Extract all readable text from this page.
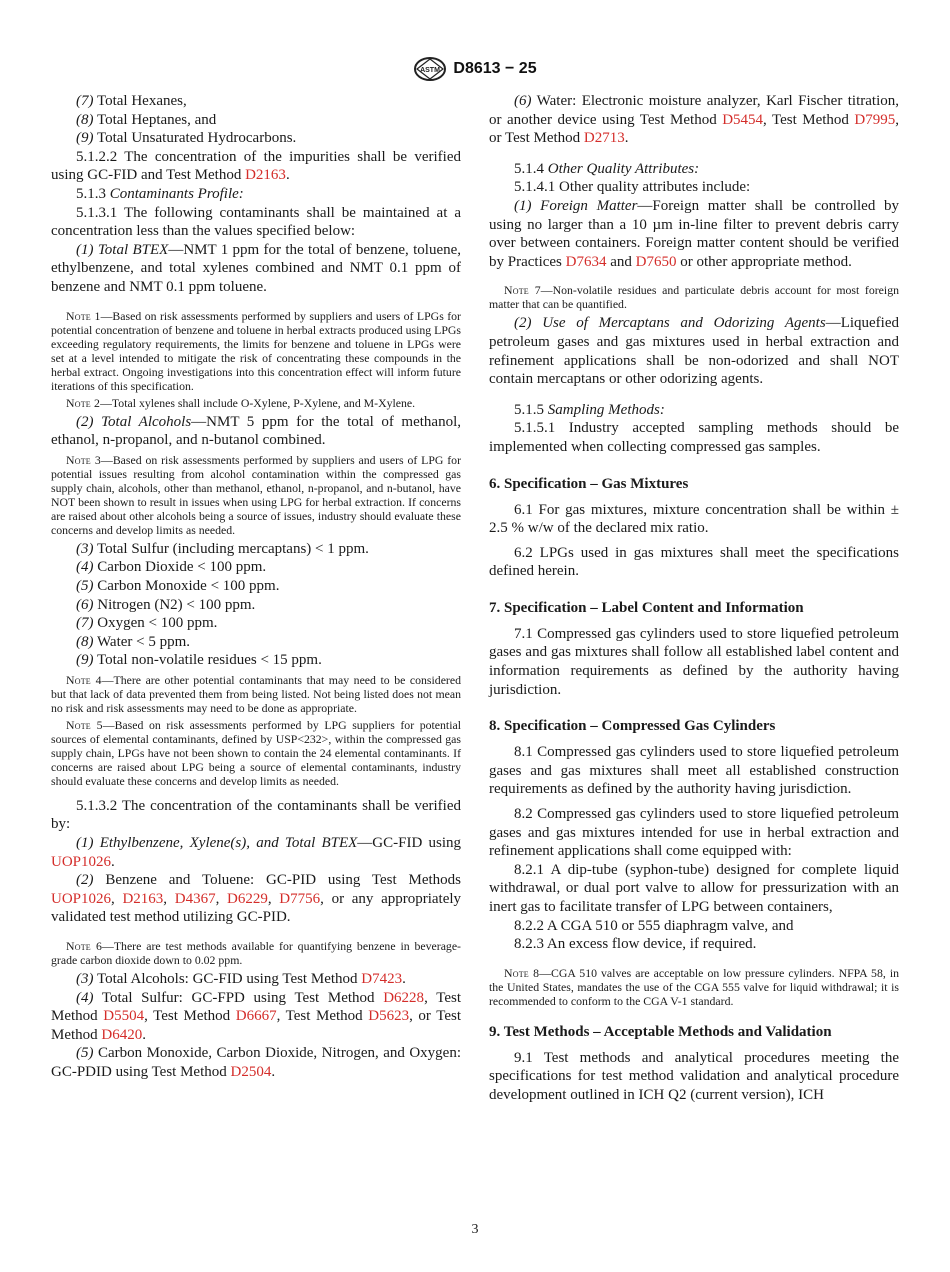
ASTM D8613 − 25

(7) Total Hexanes,

(8) Total Heptanes, and

(9) Total Unsaturated Hydrocarbons.

5.1.2.2 The concentration of the impurities shall be verified using GC-FID and Test Method D2163.

5.1.3 Contaminants Profile:

5.1.3.1 The following contaminants shall be maintained at a concentration less than the values specified below:

(1) Total BTEX—NMT 1 ppm for the total of benzene, toluene, ethylbenzene, and total xylenes combined and NMT 0.1 ppm of benzene and NMT 0.1 ppm toluene.

Note 1—Based on risk assessments performed by suppliers and users of LPGs for potential concentration of benzene and toluene in herbal extracts produced using LPGs exceeding regulatory requirements, the limits for benzene and toluene in LPGs were set at a level intended to mitigate the risk of concentrating these compounds in the herbal extract. Ongoing investigations into this concentration effect will inform future iterations of this specification.

Note 2—Total xylenes shall include O-Xylene, P-Xylene, and M-Xylene.

(2) Total Alcohols—NMT 5 ppm for the total of methanol, ethanol, n-propanol, and n-butanol combined.

Note 3—Based on risk assessments performed by suppliers and users of LPG for potential issues resulting from alcohol contamination within the compressed gas supply chain, alcohols, other than methanol, ethanol, n-propanol, and n-butanol, have NOT been shown to result in issues when using LPG for herbal extraction. If concerns are raised about other alcohols being a source of issues, industry should evaluate these concerns and develop limits as needed.

(3) Total Sulfur (including mercaptans) < 1 ppm.

(4) Carbon Dioxide < 100 ppm.

(5) Carbon Monoxide < 100 ppm.

(6) Nitrogen (N2) < 100 ppm.

(7) Oxygen < 100 ppm.

(8) Water < 5 ppm.

(9) Total non-volatile residues < 15 ppm.

Note 4—There are other potential contaminants that may need to be considered but that lack of data prevented them from being listed. Not being listed does not mean no risk and risk assessments may need to be done as appropriate.

Note 5—Based on risk assessments performed by LPG suppliers for potential sources of elemental contaminants, defined by USP<232>, within the compressed gas supply chain, LPGs have not been shown to contain the 24 elemental contaminants. If concerns are raised about LPG being a source of elemental contaminants, industry should evaluate these concerns and develop limits as needed.

5.1.3.2 The concentration of the contaminants shall be verified by:

(1) Ethylbenzene, Xylene(s), and Total BTEX—GC-FID using UOP1026.

(2) Benzene and Toluene: GC-PID using Test Methods UOP1026, D2163, D4367, D6229, D7756, or any appropriately validated test method utilizing GC-PID.

Note 6—There are test methods available for quantifying benzene in beverage-grade carbon dioxide down to 0.02 ppm.

(3) Total Alcohols: GC-FID using Test Method D7423.

(4) Total Sulfur: GC-FPD using Test Method D6228, Test Method D5504, Test Method D6667, Test Method D5623, or Test Method D6420.

(5) Carbon Monoxide, Carbon Dioxide, Nitrogen, and Oxygen: GC-PDID using Test Method D2504.

(6) Water: Electronic moisture analyzer, Karl Fischer titration, or another device using Test Method D5454, Test Method D7995, or Test Method D2713.

5.1.4 Other Quality Attributes:

5.1.4.1 Other quality attributes include:

(1) Foreign Matter—Foreign matter shall be controlled by using no larger than a 10 µm in-line filter to prevent debris carry over between containers. Foreign matter content should be verified by Practices D7634 and D7650 or other appropriate method.

Note 7—Non-volatile residues and particulate debris account for most foreign matter that can be quantified.

(2) Use of Mercaptans and Odorizing Agents—Liquefied petroleum gases and gas mixtures used in herbal extraction and refinement applications shall be non-odorized and shall NOT contain mercaptans or other odorizing agents.

5.1.5 Sampling Methods:

5.1.5.1 Industry accepted sampling methods should be implemented when collecting compressed gas samples.

6. Specification – Gas Mixtures

6.1 For gas mixtures, mixture concentration shall be within ± 2.5 % w/w of the declared mix ratio.

6.2 LPGs used in gas mixtures shall meet the specifications defined herein.

7. Specification – Label Content and Information

7.1 Compressed gas cylinders used to store liquefied petroleum gases and gas mixtures shall follow all established label content and information requirements as defined by the authority having jurisdiction.

8. Specification – Compressed Gas Cylinders

8.1 Compressed gas cylinders used to store liquefied petroleum gases and gas mixtures shall meet all established construction requirements as defined by the authority having jurisdiction.

8.2 Compressed gas cylinders used to store liquefied petroleum gases and gas mixtures intended for use in herbal extraction and refinement applications shall come equipped with:

8.2.1 A dip-tube (syphon-tube) designed for complete liquid withdrawal, or dual port valve to allow for pressurization with an inert gas to facilitate transfer of LPG between containers,

8.2.2 A CGA 510 or 555 diaphragm valve, and

8.2.3 An excess flow device, if required.

Note 8—CGA 510 valves are acceptable on low pressure cylinders. NFPA 58, in the United States, mandates the use of the CGA 555 valve for liquid withdrawal; it is recommended to conform to the CGA V-1 standard.

9. Test Methods – Acceptable Methods and Validation

9.1 Test methods and analytical procedures meeting the specifications for test method validation and analytical procedure development outlined in ICH Q2 (current version), ICH

3
